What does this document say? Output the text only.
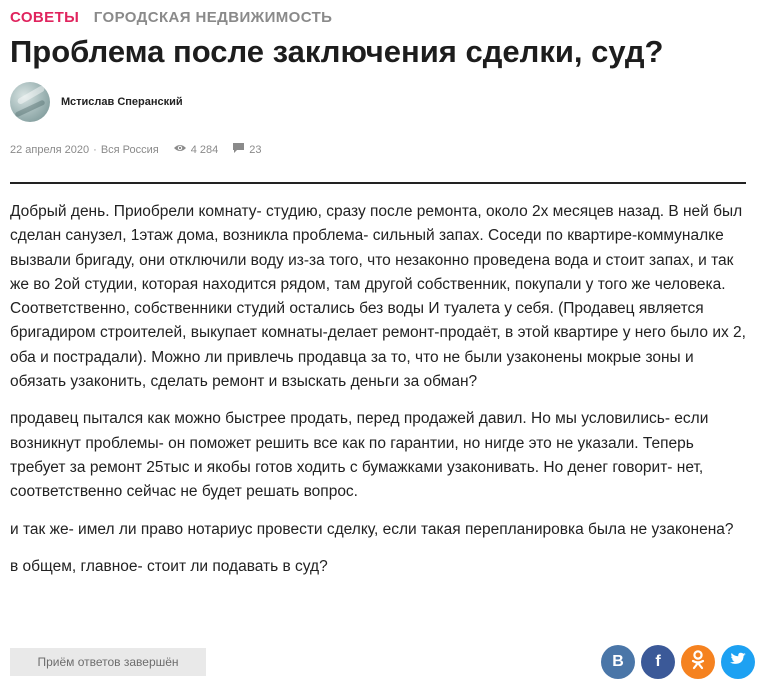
СОВЕТЫ ГОРОДСКАЯ НЕДВИЖИМОСТЬ
Проблема после заключения сделки, суд?
Мстислав Сперанский
22 апреля 2020 · Вся Россия	4 284	23

Добрый день. Приобрели комнату- студию, сразу после ремонта, около 2х месяцев назад. В ней был сделан санузел, 1этаж дома, возникла проблема- сильный запах. Соседи по квартире-коммуналке вызвали бригаду, они отключили воду из-за того, что незаконно проведена вода и стоит запах, и так же во 2ой студии, которая находится рядом, там другой собственник, покупали у того же человека. Соответственно, собственники студий остались без воды И туалета у себя. (Продавец является бригадиром строителей, выкупает комнаты-делает ремонт-продаёт, в этой квартире у него было их 2, оба и пострадали). Можно ли привлечь продавца за то, что не были узаконены мокрые зоны и обязать узаконить, сделать ремонт и взыскать деньги за обман?

продавец пытался как можно быстрее продать, перед продажей давил. Но мы условились- если возникнут проблемы- он поможет решить все как по гарантии, но нигде это не указали. Теперь требует за ремонт 25тыс и якобы готов ходить с бумажками узаконивать. Но денег говорит- нет, соответственно сейчас не будет решать вопрос.

и так же- имел ли право нотариус провести сделку, если такая перепланировка была не узаконена?

в общем, главное- стоит ли подавать в суд?

Приём ответов завершён	В f
